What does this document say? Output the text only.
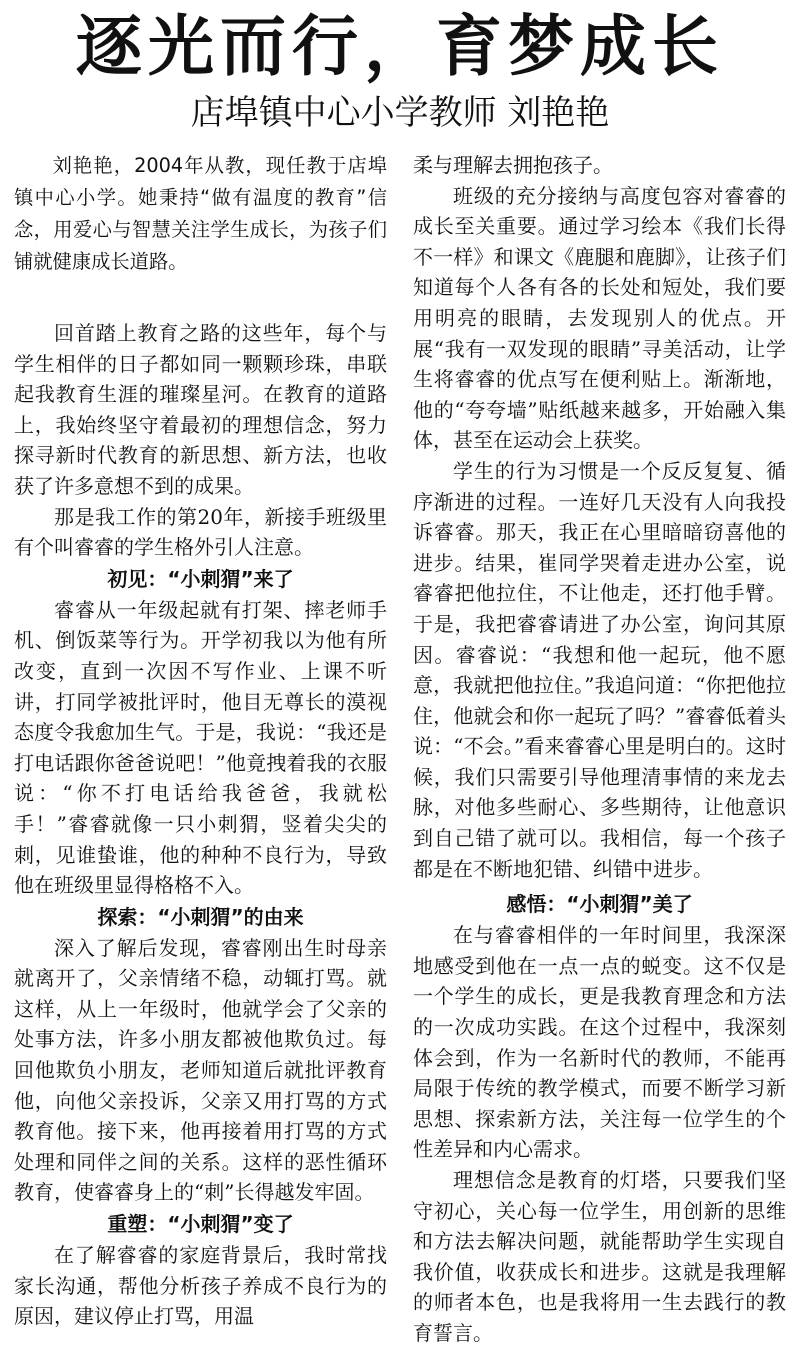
逐光而行，育梦成长
店埠镇中心小学教师 刘艳艳

刘艳艳，2004年从教，现任教于店埠镇中心小学。她秉持“做有温度的教育”信念，用爱心与智慧关注学生成长，为孩子们铺就健康成长道路。

回首踏上教育之路的这些年，每个与学生相伴的日子都如同一颗颗珍珠，串联起我教育生涯的璀璨星河。在教育的道路上，我始终坚守着最初的理想信念，努力探寻新时代教育的新思想、新方法，也收获了许多意想不到的成果。

那是我工作的第20年，新接手班级里有个叫睿睿的学生格外引人注意。

初见：“小刺猬”来了

睿睿从一年级起就有打架、摔老师手机、倒饭菜等行为。开学初我以为他有所改变，直到一次因不写作业、上课不听讲，打同学被批评时，他目无尊长的漠视态度令我愈加生气。于是，我说：“我还是打电话跟你爸爸说吧！”他竟拽着我的衣服说：“你不打电话给我爸爸，我就松手！”睿睿就像一只小刺猬，竖着尖尖的刺，见谁蛰谁，他的种种不良行为，导致他在班级里显得格格不入。

探索：“小刺猬”的由来

深入了解后发现，睿睿刚出生时母亲就离开了，父亲情绪不稳，动辄打骂。就这样，从上一年级时，他就学会了父亲的处事方法，许多小朋友都被他欺负过。每回他欺负小朋友，老师知道后就批评教育他，向他父亲投诉，父亲又用打骂的方式教育他。接下来，他再接着用打骂的方式处理和同伴之间的关系。这样的恶性循环教育，使睿睿身上的“刺”长得越发牢固。

重塑：“小刺猬”变了

在了解睿睿的家庭背景后，我时常找家长沟通，帮他分析孩子养成不良行为的原因，建议停止打骂，用温

柔与理解去拥抱孩子。

班级的充分接纳与高度包容对睿睿的成长至关重要。通过学习绘本《我们长得不一样》和课文《鹿腿和鹿脚》，让孩子们知道每个人各有各的长处和短处，我们要用明亮的眼睛，去发现别人的优点。开展“我有一双发现的眼睛”寻美活动，让学生将睿睿的优点写在便利贴上。渐渐地，他的“夸夸墙”贴纸越来越多，开始融入集体，甚至在运动会上获奖。

学生的行为习惯是一个反反复复、循序渐进的过程。一连好几天没有人向我投诉睿睿。那天，我正在心里暗暗窃喜他的进步。结果，崔同学哭着走进办公室，说睿睿把他拉住，不让他走，还打他手臂。于是，我把睿睿请进了办公室，询问其原因。睿睿说：“我想和他一起玩，他不愿意，我就把他拉住。”我追问道：“你把他拉住，他就会和你一起玩了吗？”睿睿低着头说：“不会。”看来睿睿心里是明白的。这时候，我们只需要引导他理清事情的来龙去脉，对他多些耐心、多些期待，让他意识到自己错了就可以。我相信，每一个孩子都是在不断地犯错、纠错中进步。

感悟：“小刺猬”美了

在与睿睿相伴的一年时间里，我深深地感受到他在一点一点的蜕变。这不仅是一个学生的成长，更是我教育理念和方法的一次成功实践。在这个过程中，我深刻体会到，作为一名新时代的教师，不能再局限于传统的教学模式，而要不断学习新思想、探索新方法，关注每一位学生的个性差异和内心需求。

理想信念是教育的灯塔，只要我们坚守初心，关心每一位学生，用创新的思维和方法去解决问题，就能帮助学生实现自我价值，收获成长和进步。这就是我理解的师者本色，也是我将用一生去践行的教育誓言。
